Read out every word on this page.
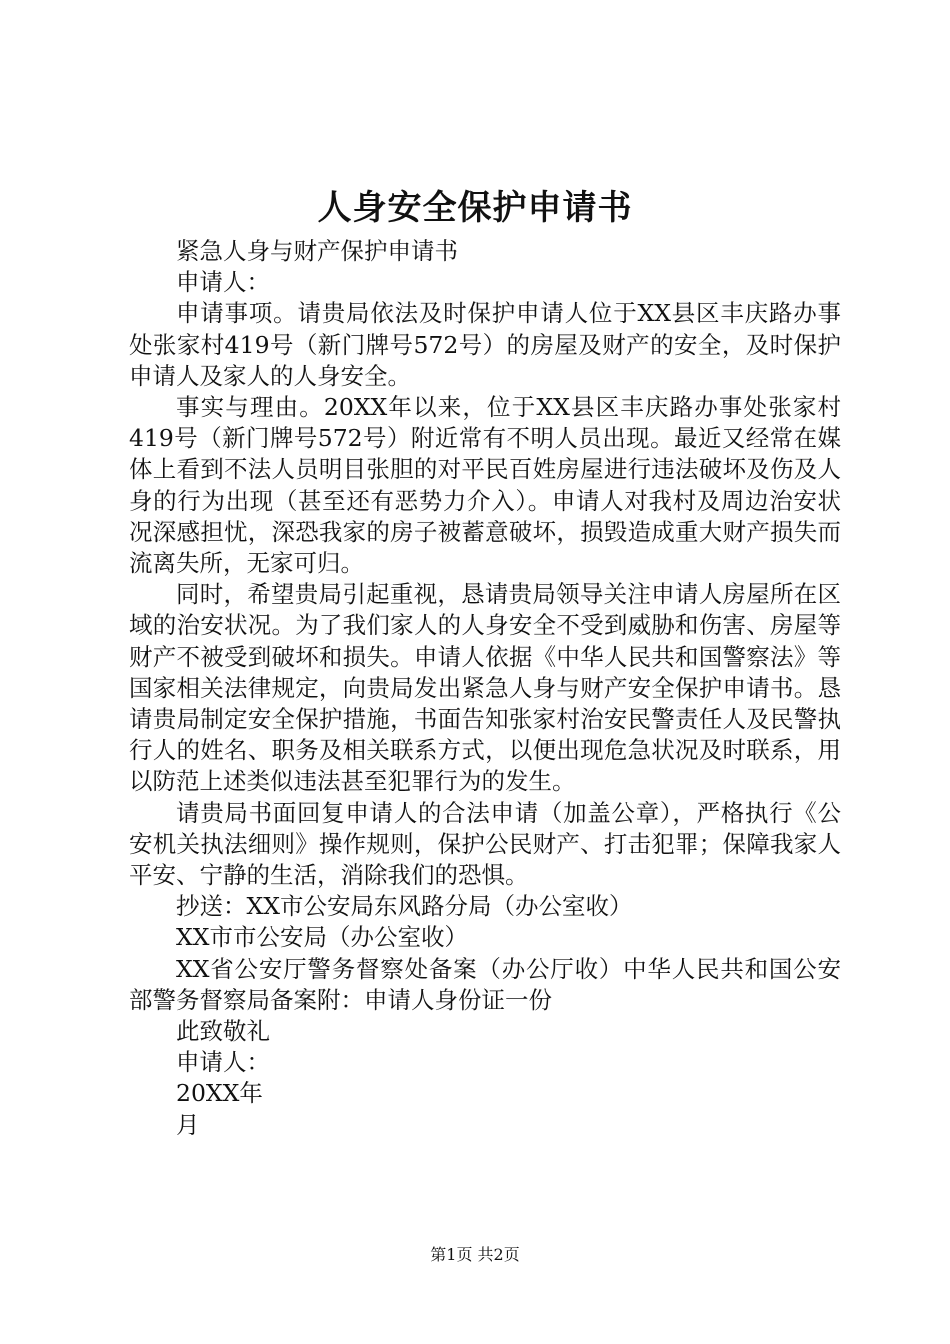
人身安全保护申请书

紧急人身与财产保护申请书

申请人：

申请事项。请贵局依法及时保护申请人位于XX县区丰庆路办事处张家村419号（新门牌号572号）的房屋及财产的安全，及时保护申请人及家人的人身安全。

事实与理由。20XX年以来，位于XX县区丰庆路办事处张家村419号（新门牌号572号）附近常有不明人员出现。最近又经常在媒体上看到不法人员明目张胆的对平民百姓房屋进行违法破坏及伤及人身的行为出现（甚至还有恶势力介入）。申请人对我村及周边治安状况深感担忧，深恐我家的房子被蓄意破坏，损毁造成重大财产损失而流离失所，无家可归。

同时，希望贵局引起重视，恳请贵局领导关注申请人房屋所在区域的治安状况。为了我们家人的人身安全不受到威胁和伤害、房屋等财产不被受到破坏和损失。申请人依据《中华人民共和国警察法》等国家相关法律规定，向贵局发出紧急人身与财产安全保护申请书。恳请贵局制定安全保护措施，书面告知张家村治安民警责任人及民警执行人的姓名、职务及相关联系方式，以便出现危急状况及时联系，用以防范上述类似违法甚至犯罪行为的发生。

请贵局书面回复申请人的合法申请（加盖公章），严格执行《公安机关执法细则》操作规则，保护公民财产、打击犯罪；保障我家人平安、宁静的生活，消除我们的恐惧。

抄送：XX市公安局东风路分局（办公室收）

XX市市公安局（办公室收）

XX省公安厅警务督察处备案（办公厅收）中华人民共和国公安部警务督察局备案附：申请人身份证一份

此致敬礼

申请人：

20XX年

月

第1页 共2页
